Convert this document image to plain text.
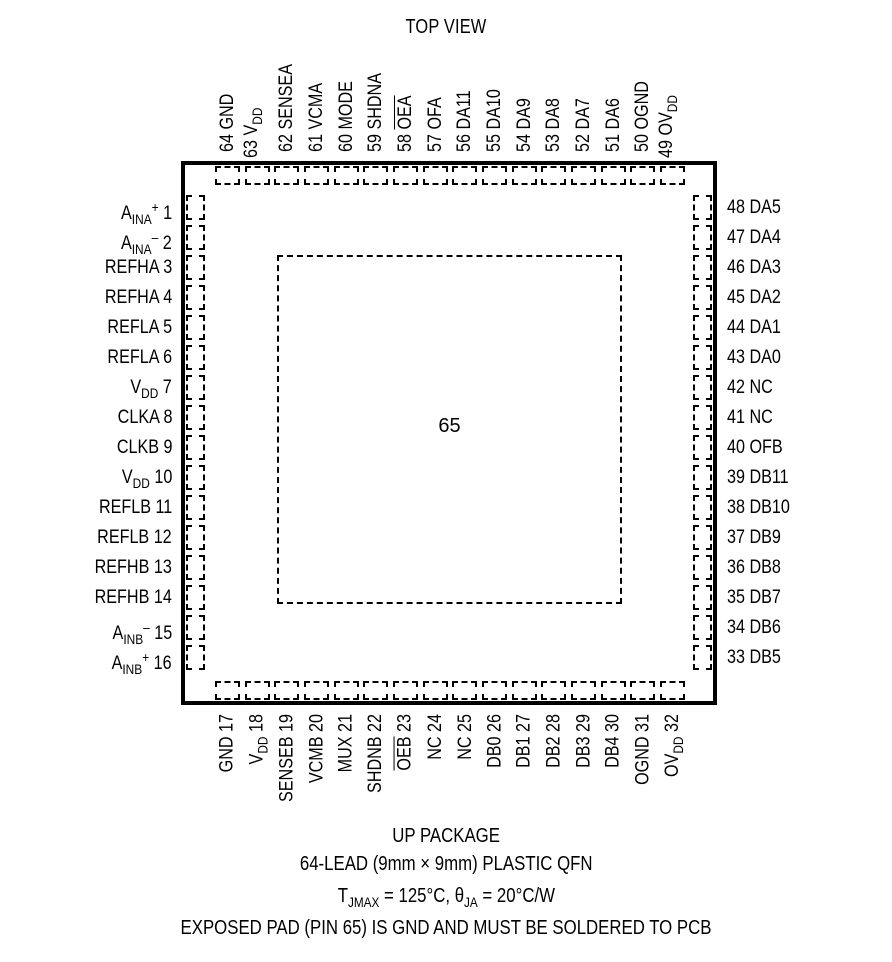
TOP VIEW
65
64 GND
63 $V_{DD}$
62 SENSEA
61 VCMA
60 MODE
59 SHDNA
58 $\overline{OEA}$
57 OFA
56 DA11
55 DA10
54 DA9
53 DA8
52 DA7
51 DA6
50 OGND
49 $OV_{DD}$
GND 17
$V_{DD}$ 18
SENSEB 19
VCMB 20
MUX 21
SHDNB 22
$\overline{OEB}$ 23
NC 24
NC 25
DB0 26
DB1 27
DB2 28
DB3 29
DB4 30
OGND 31
$OV_{DD}$ 32
$A_{INA}^+$ 1
$A_{INA}^-$ 2
REFHA 3
REFHA 4
REFLA 5
REFLA 6
$V_{DD}$ 7
CLKA 8
CLKB 9
$V_{DD}$ 10
REFLB 11
REFLB 12
REFHB 13
REFHB 14
$A_{INB}^-$ 15
$A_{INB}^+$ 16
48 DA5
47 DA4
46 DA3
45 DA2
44 DA1
43 DA0
42 NC
41 NC
40 OFB
39 DB11
38 DB10
37 DB9
36 DB8
35 DB7
34 DB6
33 DB5
UP PACKAGE
64-LEAD (9mm × 9mm) PLASTIC QFN
$T_{JMAX} = 125^\circ C$, $\theta_{JA} = 20^\circ C/W$
EXPOSED PAD (PIN 65) IS GND AND MUST BE SOLDERED TO PCB
